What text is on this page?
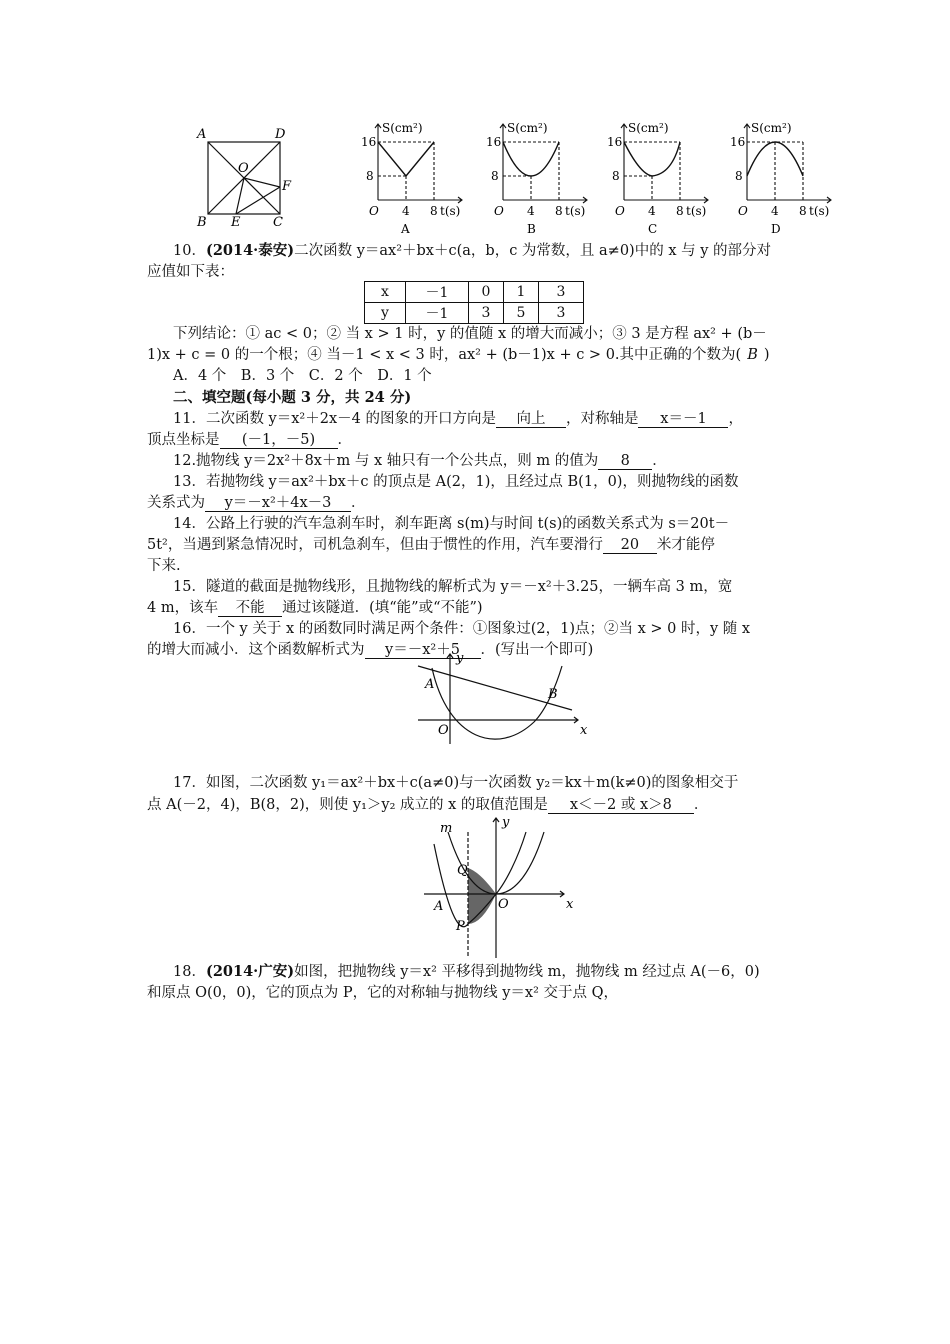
A	D
O
F
B E	C
S(cm²)
16
8
O 4 8 t(s)
A
S(cm²)
16
8
O 4 8 t(s)
B
S(cm²)
16
8
O 4 8 t(s)
C
S(cm²)
16
8
O 4 8 t(s)
D
10．(2014·泰安)二次函数 y＝ax²＋bx＋c(a，b，c 为常数，且 a≠0)中的 x 与 y 的部分对
应值如下表：
x	－1	0	1	3
y	－1	3	5	3
下列结论：① ac < 0；② 当 x > 1 时，y 的值随 x 的增大而减小；③ 3 是方程 ax² + (b－
1)x + c = 0 的一个根；④ 当－1 < x < 3 时，ax² + (b－1)x + c > 0.其中正确的个数为( B )
A．4 个　B．3 个　C．2 个　D．1 个
二、填空题(每小题 3 分，共 24 分)
11．二次函数 y＝x²＋2x－4 的图象的开口方向是 向上 ，对称轴是 x＝－1 ，
顶点坐标是 (－1，－5) ．
12.抛物线 y＝2x²＋8x＋m 与 x 轴只有一个公共点，则 m 的值为 8 ．
13．若抛物线 y＝ax²＋bx＋c 的顶点是 A(2，1)，且经过点 B(1，0)，则抛物线的函数
关系式为 y＝－x²＋4x－3 ．
14．公路上行驶的汽车急刹车时，刹车距离 s(m)与时间 t(s)的函数关系式为 s＝20t－
5t²，当遇到紧急情况时，司机急刹车，但由于惯性的作用，汽车要滑行 20 米才能停
下来.
15．隧道的截面是抛物线形，且抛物线的解析式为 y＝－x²＋3.25，一辆车高 3 m，宽
4 m，该车 不能 通过该隧道．(填“能”或“不能”)
16．一个 y 关于 x 的函数同时满足两个条件：①图象过(2，1)点；②当 x > 0 时，y 随 x
的增大而减小．这个函数解析式为 y＝－x²＋5 ．(写出一个即可)
y
x
O
A
B
17．如图，二次函数 y₁＝ax²＋bx＋c(a≠0)与一次函数 y₂＝kx＋m(k≠0)的图象相交于
点 A(－2，4)，B(8，2)，则使 y₁＞y₂ 成立的 x 的取值范围是 x＜－2 或 x＞8 ．
m	y
x
O
Q
A
P
18．(2014·广安)如图，把抛物线 y＝x² 平移得到抛物线 m，抛物线 m 经过点 A(－6，0)
和原点 O(0，0)，它的顶点为 P，它的对称轴与抛物线 y＝x² 交于点 Q，
